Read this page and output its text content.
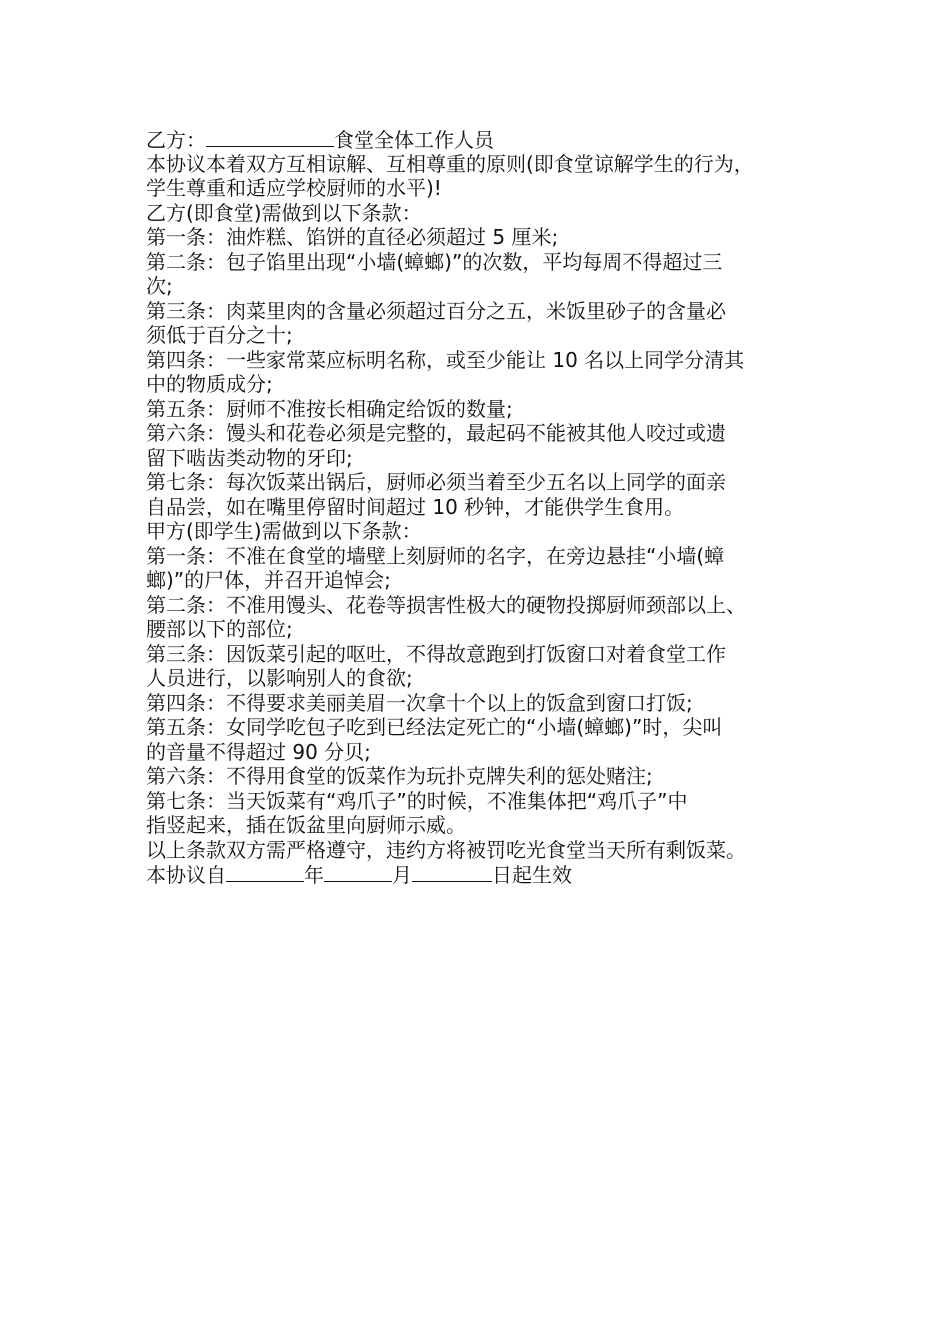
乙方：	食堂全体工作人员
本协议本着双方互相谅解、互相尊重的原则(即食堂谅解学生的行为，
学生尊重和适应学校厨师的水平)!
乙方(即食堂)需做到以下条款：
第一条：油炸糕、馅饼的直径必须超过 5 厘米;
第二条：包子馅里出现“小墙(蟑螂)”的次数，平均每周不得超过三
次;
第三条：肉菜里肉的含量必须超过百分之五，米饭里砂子的含量必
须低于百分之十;
第四条：一些家常菜应标明名称，或至少能让 10 名以上同学分清其
中的物质成分;
第五条：厨师不准按长相确定给饭的数量;
第六条：馒头和花卷必须是完整的，最起码不能被其他人咬过或遗
留下啮齿类动物的牙印;
第七条：每次饭菜出锅后，厨师必须当着至少五名以上同学的面亲
自品尝，如在嘴里停留时间超过 10 秒钟，才能供学生食用。
甲方(即学生)需做到以下条款：
第一条：不准在食堂的墙壁上刻厨师的名字，在旁边悬挂“小墙(蟑
螂)”的尸体，并召开追悼会;
第二条：不准用馒头、花卷等损害性极大的硬物投掷厨师颈部以上、
腰部以下的部位;
第三条：因饭菜引起的呕吐，不得故意跑到打饭窗口对着食堂工作
人员进行，以影响别人的食欲;
第四条：不得要求美丽美眉一次拿十个以上的饭盒到窗口打饭;
第五条：女同学吃包子吃到已经法定死亡的“小墙(蟑螂)”时，尖叫
的音量不得超过 90 分贝;
第六条：不得用食堂的饭菜作为玩扑克牌失利的惩处赌注;
第七条：当天饭菜有“鸡爪子”的时候，不准集体把“鸡爪子”中
指竖起来，插在饭盆里向厨师示威。
以上条款双方需严格遵守，违约方将被罚吃光食堂当天所有剩饭菜。
本协议自	年	月	日起生效
